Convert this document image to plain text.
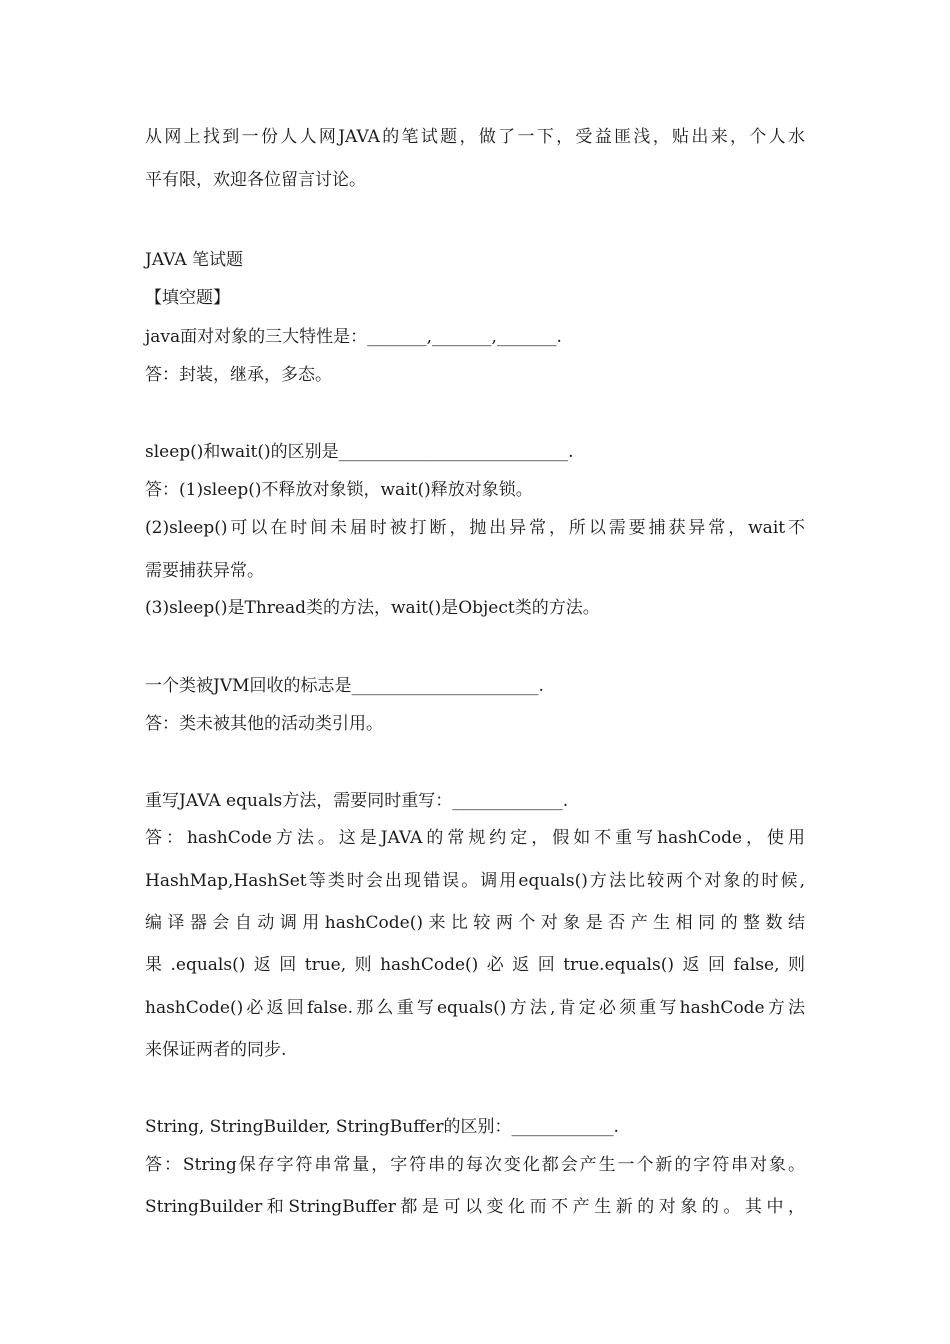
从网上找到一份人人网JAVA的笔试题，做了一下，受益匪浅，贴出来，个人水
平有限，欢迎各位留言讨论。
JAVA 笔试题
【填空题】
java面对对象的三大特性是：_______,_______,_______.
答：封装，继承，多态。
sleep()和wait()的区别是___________________________.
答：(1)sleep()不释放对象锁，wait()释放对象锁。
(2)sleep()可以在时间未届时被打断，抛出异常，所以需要捕获异常，wait不
需要捕获异常。
(3)sleep()是Thread类的方法，wait()是Object类的方法。
一个类被JVM回收的标志是______________________.
答：类未被其他的活动类引用。
重写JAVA equals方法，需要同时重写：_____________.
答：hashCode方法。这是JAVA的常规约定，假如不重写hashCode，使用
HashMap,HashSet等类时会出现错误。调用equals()方法比较两个对象的时候,
编译器会自动调用hashCode()来比较两个对象是否产生相同的整数结
果.equals()返回true,则hashCode()必返回true.equals()返回false,则
hashCode()必返回false.那么重写equals()方法,肯定必须重写hashCode方法
来保证两者的同步.
String, StringBuilder, StringBuffer的区别：____________.
答：String保存字符串常量，字符串的每次变化都会产生一个新的字符串对象。
StringBuilder和StringBuffer都是可以变化而不产生新的对象的。其中，
